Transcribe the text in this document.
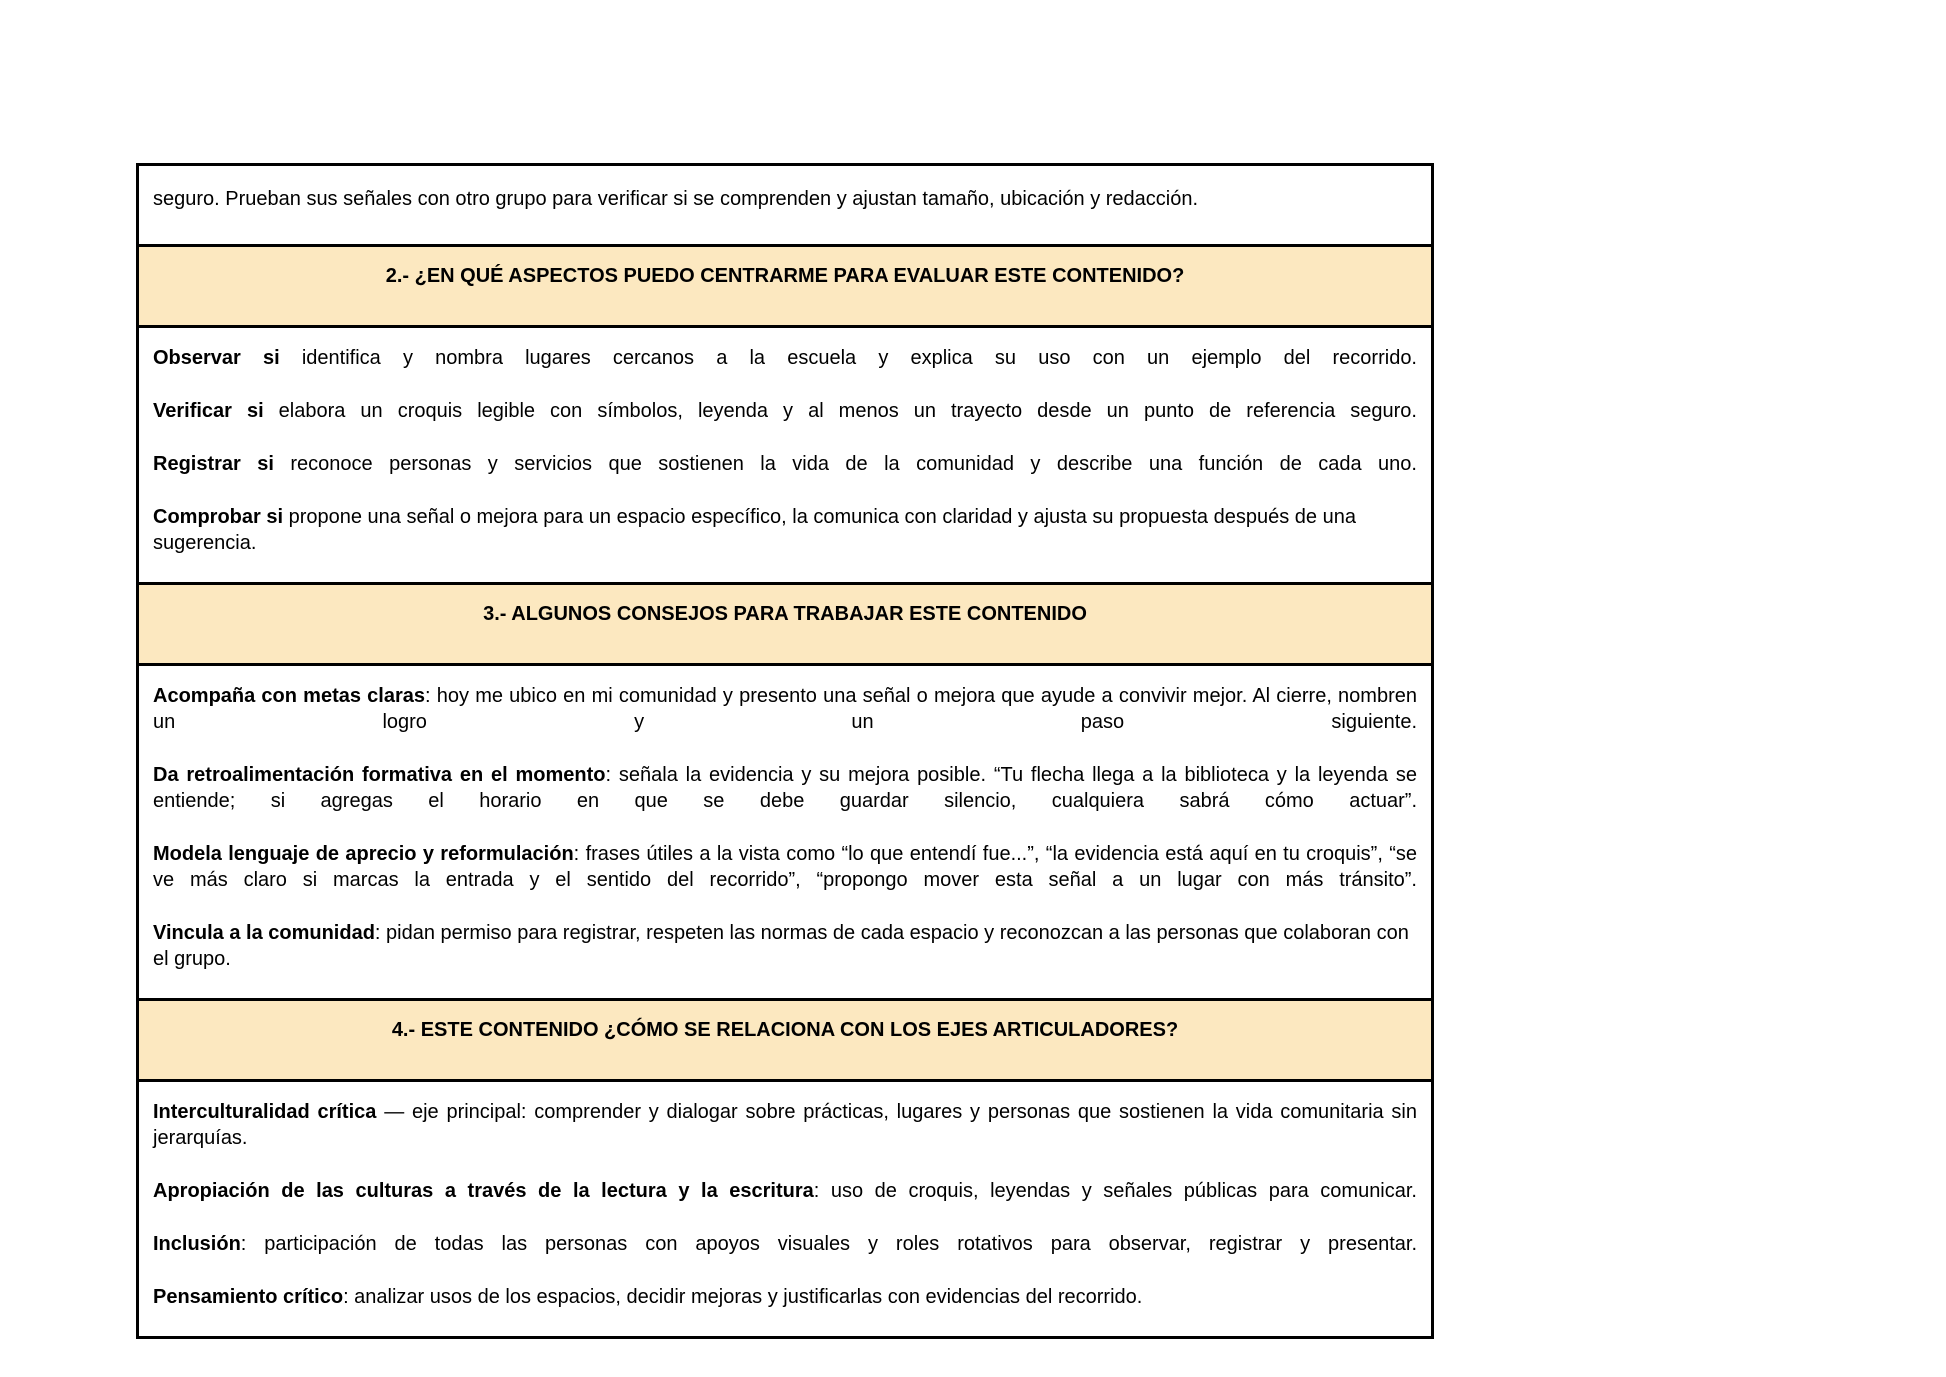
seguro. Prueban sus señales con otro grupo para verificar si se comprenden y ajustan tamaño, ubicación y redacción.
2.- ¿EN QUÉ ASPECTOS PUEDO CENTRARME PARA EVALUAR ESTE CONTENIDO?

Observar si identifica y nombra lugares cercanos a la escuela y explica su uso con un ejemplo del recorrido.

Verificar si elabora un croquis legible con símbolos, leyenda y al menos un trayecto desde un punto de referencia seguro.

Registrar si reconoce personas y servicios que sostienen la vida de la comunidad y describe una función de cada uno.

Comprobar si propone una señal o mejora para un espacio específico, la comunica con claridad y ajusta su propuesta después de una sugerencia.

3.- ALGUNOS CONSEJOS PARA TRABAJAR ESTE CONTENIDO

Acompaña con metas claras: hoy me ubico en mi comunidad y presento una señal o mejora que ayude a convivir mejor. Al cierre, nombren un logro y un paso siguiente.

Da retroalimentación formativa en el momento: señala la evidencia y su mejora posible. “Tu flecha llega a la biblioteca y la leyenda se entiende; si agregas el horario en que se debe guardar silencio, cualquiera sabrá cómo actuar”.

Modela lenguaje de aprecio y reformulación: frases útiles a la vista como “lo que entendí fue...”, “la evidencia está aquí en tu croquis”, “se ve más claro si marcas la entrada y el sentido del recorrido”, “propongo mover esta señal a un lugar con más tránsito”.

Vincula a la comunidad: pidan permiso para registrar, respeten las normas de cada espacio y reconozcan a las personas que colaboran con el grupo.

4.- ESTE CONTENIDO ¿CÓMO SE RELACIONA CON LOS EJES ARTICULADORES?

Interculturalidad crítica — eje principal: comprender y dialogar sobre prácticas, lugares y personas que sostienen la vida comunitaria sin jerarquías.

Apropiación de las culturas a través de la lectura y la escritura: uso de croquis, leyendas y señales públicas para comunicar.

Inclusión: participación de todas las personas con apoyos visuales y roles rotativos para observar, registrar y presentar.

Pensamiento crítico: analizar usos de los espacios, decidir mejoras y justificarlas con evidencias del recorrido.
